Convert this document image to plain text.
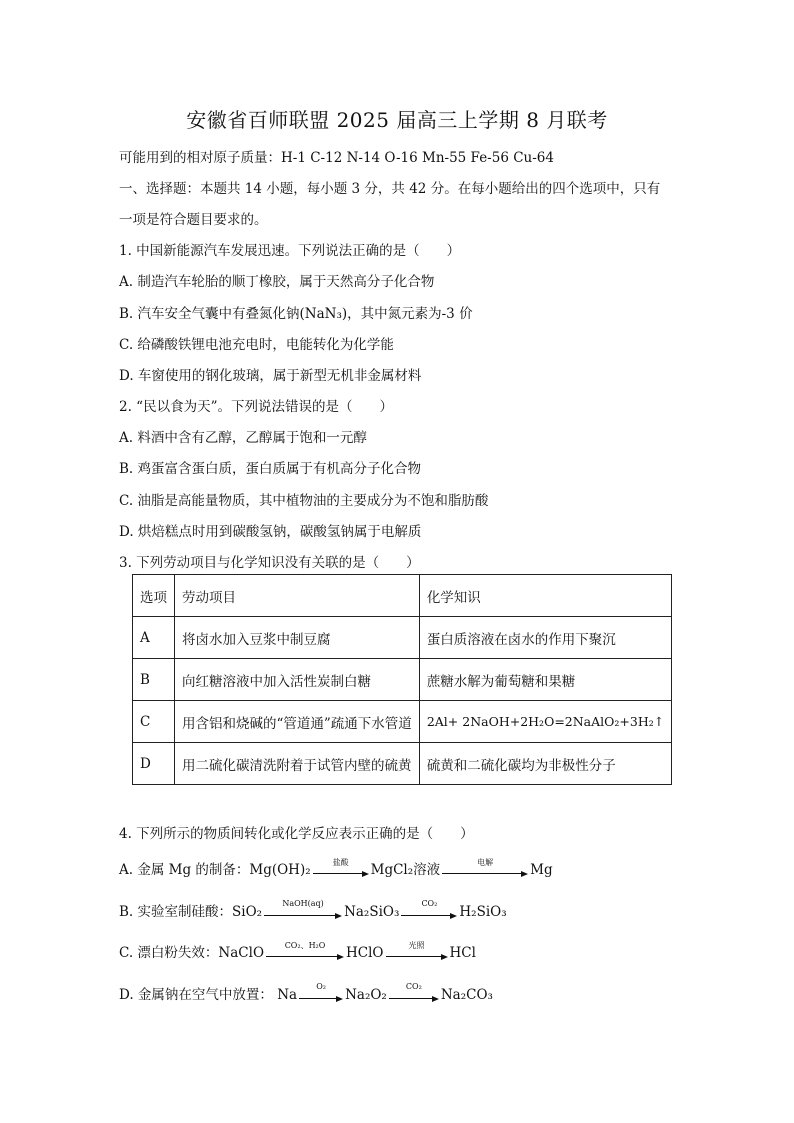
安徽省百师联盟 2025 届高三上学期 8 月联考
可能用到的相对原子质量：H-1 C-12 N-14 O-16 Mn-55 Fe-56 Cu-64
一、选择题：本题共 14 小题，每小题 3 分，共 42 分。在每小题给出的四个选项中，只有
一项是符合题目要求的。
1. 中国新能源汽车发展迅速。下列说法正确的是（　　）
A. 制造汽车轮胎的顺丁橡胶，属于天然高分子化合物
B. 汽车安全气囊中有叠氮化钠(NaN₃)，其中氮元素为-3 价
C. 给磷酸铁锂电池充电时，电能转化为化学能
D. 车窗使用的钢化玻璃，属于新型无机非金属材料
2. “民以食为天”。下列说法错误的是（　　）
A. 料酒中含有乙醇，乙醇属于饱和一元醇
B. 鸡蛋富含蛋白质，蛋白质属于有机高分子化合物
C. 油脂是高能量物质，其中植物油的主要成分为不饱和脂肪酸
D. 烘焙糕点时用到碳酸氢钠，碳酸氢钠属于电解质
3. 下列劳动项目与化学知识没有关联的是（　　）
选项	劳动项目	化学知识
A	将卤水加入豆浆中制豆腐	蛋白质溶液在卤水的作用下聚沉
B	向红糖溶液中加入活性炭制白糖	蔗糖水解为葡萄糖和果糖
C	用含铝和烧碱的“管道通”疏通下水管道	2Al+ 2NaOH+2H₂O=2NaAlO₂+3H₂↑
D	用二硫化碳清洗附着于试管内壁的硫黄	硫黄和二硫化碳均为非极性分子
4. 下列所示的物质间转化或化学反应表示正确的是（　　）
A. 金属 Mg 的制备：Mg(OH)₂	盐酸	MgCl₂溶液	电解	Mg
B. 实验室制硅酸：SiO₂
NaOH(aq)
Na₂SiO₃
CO₂
H₂SiO₃
C. 漂白粉失效：NaClO	CO₂、H₂O	HClO	光照	HCl
D. 金属钠在空气中放置： Na
O₂
Na₂O₂
CO₂
Na₂CO₃
